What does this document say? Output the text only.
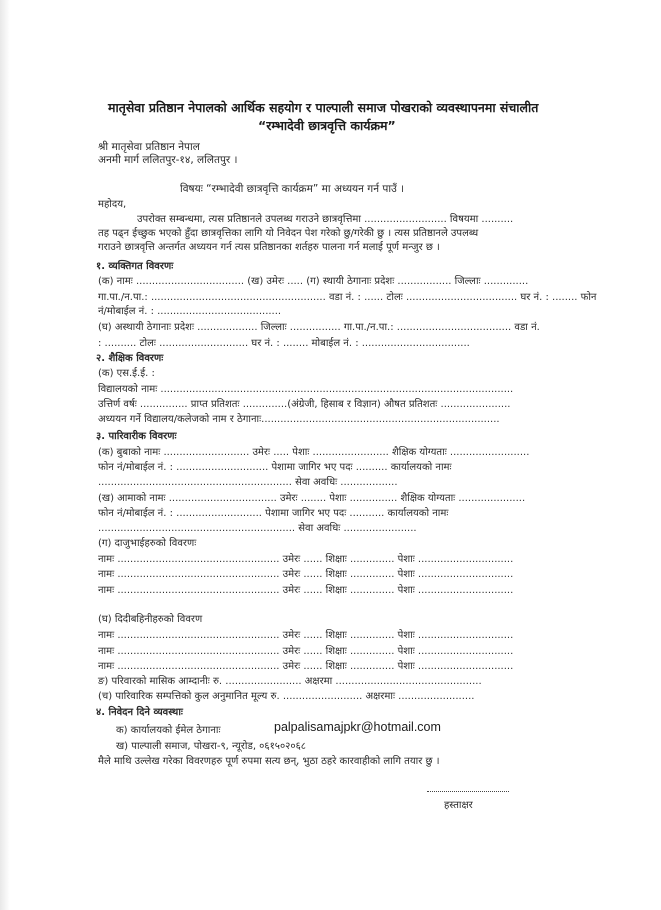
मातृसेवा प्रतिष्ठान नेपालको आर्थिक सहयोग र पाल्पाली समाज पोखराको व्यवस्थापनमा संचालीत
“रम्भादेवी छात्रवृत्ति कार्यक्रम”
श्री मातृसेवा प्रतिष्ठान नेपाल
अनमी मार्ग ललितपुर-१४, ललितपुर ।
विषयः “रम्भादेवी छात्रवृत्ति कार्यक्रम” मा अध्ययन गर्न पाउँ ।
महोदय,
उपरोक्त सम्बन्धमा, त्यस प्रतिष्ठानले उपलब्ध गराउने छात्रवृत्तिमा .......................... विषयमा ..........
तह पढ्न ईच्छुक भएको हुँदा छात्रवृत्तिका लागि यो निवेदन पेश गरेको छु/गरेकी छु । त्यस प्रतिष्ठानले उपलब्ध
गराउने छात्रवृत्ति अन्तर्गत अध्ययन गर्न त्यस प्रतिष्ठानका शर्तहरु पालना गर्न मलाई पूर्ण मन्जुर छ ।
१. व्यक्तिगत विवरणः
(क) नामः .................................. (ख) उमेरः ..... (ग) स्थायी ठेगानाः प्रदेशः ................. जिल्लाः ..............
गा.पा./न.पा.: ....................................................... वडा नं. : ...... टोलः ................................... घर नं. : ........ फोन
नं/मोबाईल नं. : .......................................
(घ) अस्थायी ठेगानाः प्रदेशः ................... जिल्लाः ................ गा.पा./न.पा.: .................................... वडा नं.
: .......... टोलः ............................ घर नं. : ........ मोबाईल नं. : ..................................
२. शैक्षिक विवरणः
(क) एस.ई.ई. :
विद्यालयको नामः ...............................................................................................................
उत्तिर्ण वर्षः ............... प्राप्त प्रतिशतः ..............(अंग्रेजी, हिसाब र विज्ञान) औषत प्रतिशतः ......................
अध्ययन गर्ने विद्यालय/कलेजको नाम र ठेगानाः...........................................................................
३. पारिवारीक विवरणः
(क) बुबाको नामः ........................... उमेरः ..... पेशाः ........................ शैक्षिक योग्यताः .........................
फोन नं/मोबाईल नं. : ............................. पेशामा जागिर भए पदः .......... कार्यालयको नामः
............................................................. सेवा अवधिः ..................
(ख) आमाको नामः .................................. उमेरः ........ पेशाः ............... शैक्षिक योग्यताः .....................
फोन नं/मोबाईल नं. : ........................... पेशामा जागिर भए पदः ........... कार्यालयको नामः
.............................................................. सेवा अवधिः .......................
(ग) दाजुभाईहरुको विवरणः
नामः ................................................... उमेरः ...... शिक्षाः .............. पेशाः ..............................
नामः ................................................... उमेरः ...... शिक्षाः .............. पेशाः ..............................
नामः ................................................... उमेरः ...... शिक्षाः .............. पेशाः ..............................
(घ) दिदीबहिनीहरुको विवरण
नामः ................................................... उमेरः ...... शिक्षाः .............. पेशाः ..............................
नामः ................................................... उमेरः ...... शिक्षाः .............. पेशाः ..............................
नामः ................................................... उमेरः ...... शिक्षाः .............. पेशाः ..............................
ङ) परिवारको मासिक आम्दानीः रु. ........................ अक्षरमा ..............................................
(च) पारिवारिक सम्पत्तिको कुल अनुमानित मूल्य रु. ......................... अक्षरमाः ........................
४. निवेदन दिने व्यवस्थाः
क) कार्यालयको ईमेल ठेगानाः	palpalisamajpkr@hotmail.com
ख) पाल्पाली समाज, पोखरा-९, न्यूरोड, ०६१५०२०६८
मैले माथि उल्लेख गरेका विवरणहरु पूर्ण रुपमा सत्य छन्, भुठा ठहरे कारवाहीको लागि तयार छु ।
हस्ताक्षर
